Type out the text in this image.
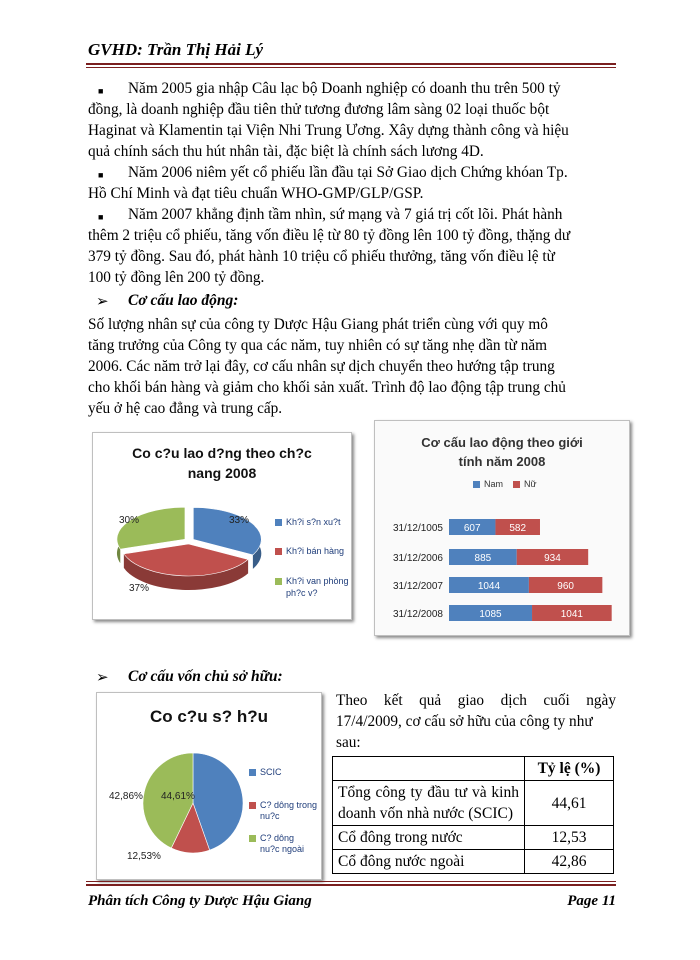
GVHD: Trần Thị Hải Lý
■	Năm 2005 gia nhập Câu lạc bộ Doanh nghiệp có doanh thu trên 500 tỷ
đồng, là doanh nghiệp đầu tiên thử tương đương lâm sàng 02 loại thuốc bột
Haginat và Klamentin tại Viện Nhi Trung Ương. Xây dựng thành công và hiệu
quả chính sách thu hút nhân tài, đặc biệt là chính sách lương 4D.
■	Năm 2006 niêm yết cổ phiếu lần đầu tại Sở Giao dịch Chứng khóan Tp.
Hồ Chí Minh và đạt tiêu chuẩn WHO-GMP/GLP/GSP.
■	Năm 2007 khẳng định tầm nhìn, sứ mạng và 7 giá trị cốt lõi. Phát hành
thêm 2 triệu cổ phiếu, tăng vốn điều lệ từ 80 tỷ đồng lên 100 tỷ đồng, thặng dư
379 tỷ đồng. Sau đó, phát hành 10 triệu cổ phiếu thưởng, tăng vốn điều lệ từ
100 tỷ đồng lên 200 tỷ đồng.
➢ Cơ cấu lao động:
Số lượng nhân sự của công ty Dược Hậu Giang phát triển cùng với quy mô
tăng trưởng của Công ty qua các năm, tuy nhiên có sự tăng nhẹ dần từ năm
2006. Các năm trở lại đây, cơ cấu nhân sự dịch chuyển theo hướng tập trung
cho khối bán hàng và giảm cho khối sản xuất. Trình độ lao động tập trung chủ
yếu ở hệ cao đẳng và trung cấp.
Co c?u lao d?ng theo ch?c
nang 2008
33%
37%
30%	Kh?i s?n xu?t
Kh?i bán hàng
Kh?i van phòng
ph?c v?
Cơ cấu lao động theo giới
tính năm 2008
Nam	Nữ
31/12/1005 607	582
31/12/2006	885	934
31/12/2007	1044	960
31/12/2008	1085	1041
➢ Cơ cấu vốn chủ sở hữu:
Co c?u s? h?u
44,61%
12,53%
42,86%
SCIC
C? dông trong
nu?c
C? dông
nu?c ngoài
Theo kết quả giao dịch cuối ngày
17/4/2009, cơ cấu sở hữu của công ty như
sau:
	Tỷ lệ (%)
Tổng công ty đầu tư và kinh doanh vốn nhà nước (SCIC)	44,61
Cổ đông trong nước	12,53
Cổ đông nước ngoài	42,86
Phân tích Công ty Dược Hậu Giang	Page 11
